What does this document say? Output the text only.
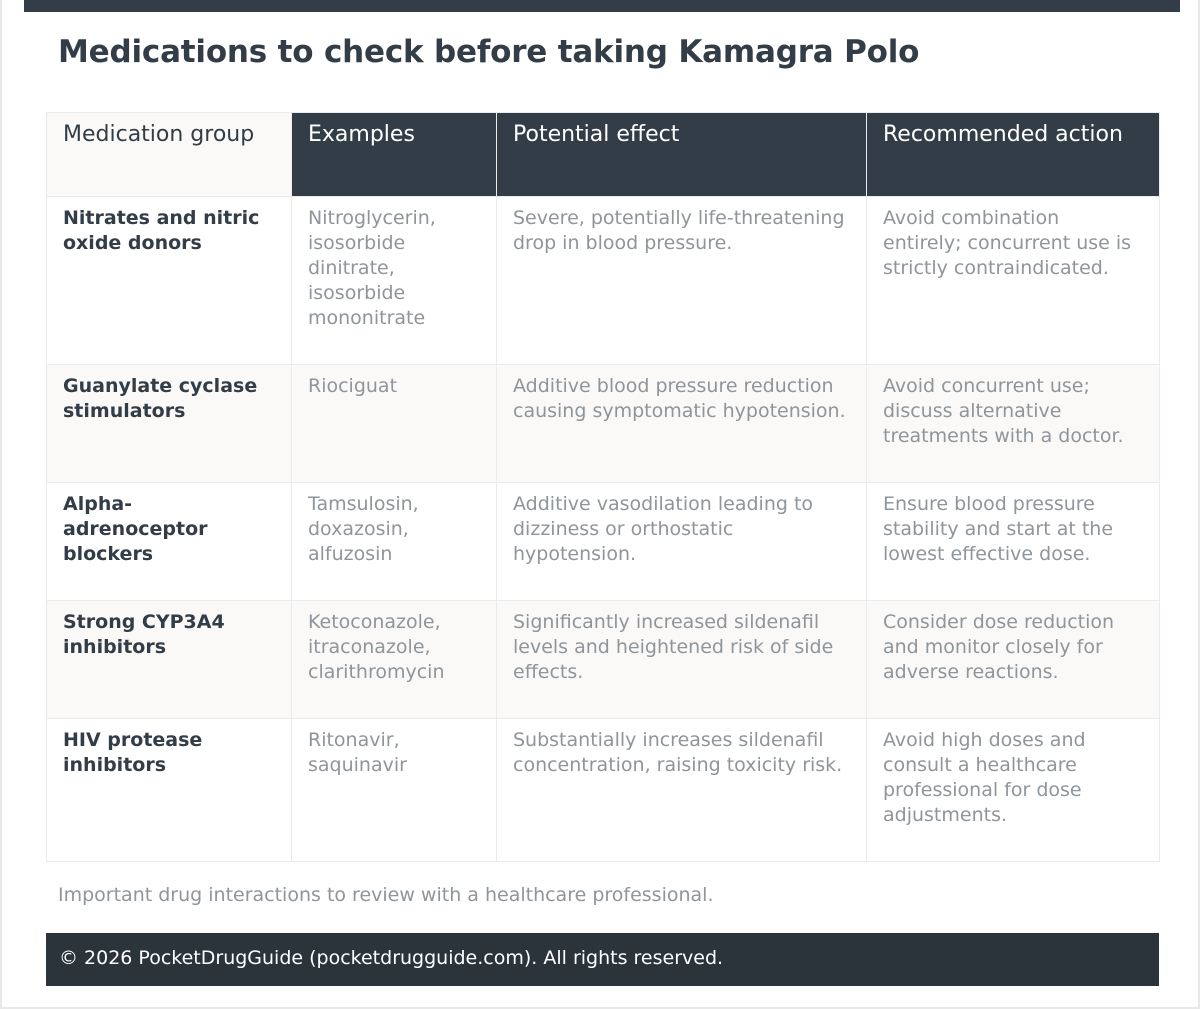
Medications to check before taking Kamagra Polo
Medication group	Examples	Potential effect	Recommended action
Nitrates and nitric oxide donors	Nitroglycerin, isosorbide dinitrate, isosorbide mononitrate	Severe, potentially life-threatening drop in blood pressure.	Avoid combination entirely; concurrent use is strictly contraindicated.
Guanylate cyclase stimulators	Riociguat	Additive blood pressure reduction causing symptomatic hypotension.	Avoid concurrent use; discuss alternative treatments with a doctor.
Alpha-adrenoceptor blockers	Tamsulosin, doxazosin, alfuzosin	Additive vasodilation leading to dizziness or orthostatic hypotension.	Ensure blood pressure stability and start at the lowest effective dose.
Strong CYP3A4 inhibitors	Ketoconazole, itraconazole, clarithromycin	Significantly increased sildenafil levels and heightened risk of side effects.	Consider dose reduction and monitor closely for adverse reactions.
HIV protease inhibitors	Ritonavir, saquinavir	Substantially increases sildenafil concentration, raising toxicity risk.	Avoid high doses and consult a healthcare professional for dose adjustments.

Important drug interactions to review with a healthcare professional.

© 2026 PocketDrugGuide (pocketdrugguide.com). All rights reserved.
